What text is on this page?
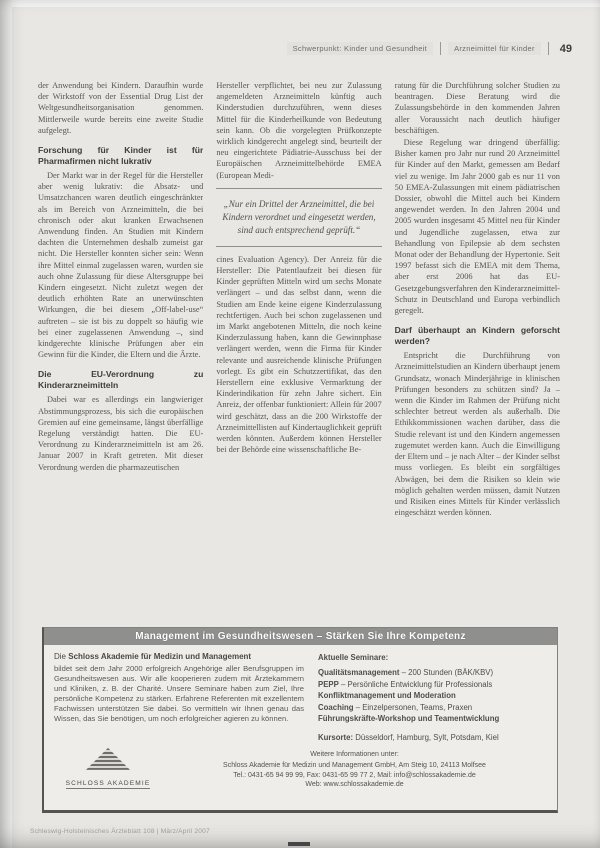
Schwerpunkt: Kinder und Gesundheit	Arzneimittel für Kinder	49

der Anwendung bei Kindern. Daraufhin wurde der Wirkstoff von der Essential Drug List der Weltgesundheitsorganisation genommen. Mittlerweile wurde bereits eine zweite Studie aufgelegt.

Forschung für Kinder ist für Pharmafirmen nicht lukrativ

Der Markt war in der Regel für die Hersteller aber wenig lukrativ: die Absatz- und Umsatzchancen waren deutlich eingeschränkter als im Bereich von Arzneimitteln, die bei chronisch oder akut kranken Erwachsenen Anwendung finden. An Studien mit Kindern dachten die Unternehmen deshalb zumeist gar nicht. Die Hersteller konnten sicher sein: Wenn ihre Mittel einmal zugelassen waren, wurden sie auch ohne Zulassung für diese Altersgruppe bei Kindern eingesetzt. Nicht zuletzt wegen der deutlich erhöhten Rate an unerwünschten Wirkungen, die bei diesem „Off-label-use“ auftreten – sie ist bis zu doppelt so häufig wie bei einer zugelassenen Anwendung –, sind kindgerechte klinische Prüfungen aber ein Gewinn für die Kinder, die Eltern und die Ärzte.

Die EU-Verordnung zu Kinderarzneimitteln

Dabei war es allerdings ein langwieriger Abstimmungsprozess, bis sich die europäischen Gremien auf eine gemeinsame, längst überfällige Regelung verständigt hatten. Die EU-Verordnung zu Kinderarzneimitteln ist am 26. Januar 2007 in Kraft getreten. Mit dieser Verordnung werden die pharmazeutischen

Hersteller verpflichtet, bei neu zur Zulassung angemeldeten Arzneimitteln künftig auch Kinderstudien durchzuführen, wenn dieses Mittel für die Kinderheilkunde von Bedeutung sein kann. Ob die vorgelegten Prüfkonzepte wirklich kindgerecht angelegt sind, beurteilt der neu eingerichtete Pädiatrie-Ausschuss bei der Europäischen Arzneimittelbehörde EMEA (European Medi-

„Nur ein Drittel der Arzneimittel, die bei Kindern verordnet und eingesetzt werden, sind auch entsprechend geprüft.“

cines Evaluation Agency). Der Anreiz für die Hersteller: Die Patentlaufzeit bei diesen für Kinder geprüften Mitteln wird um sechs Monate verlängert – und das selbst dann, wenn die Studien am Ende keine eigene Kinderzulassung rechtfertigen. Auch bei schon zugelassenen und im Markt angebotenen Mitteln, die noch keine Kinderzulassung haben, kann die Gewinnphase verlängert werden, wenn die Firma für Kinder relevante und ausreichende klinische Prüfungen vorlegt. Es gibt ein Schutzzertifikat, das den Herstellern eine exklusive Vermarktung der Kinderindikation für zehn Jahre sichert. Ein Anreiz, der offenbar funktioniert: Allein für 2007 wird geschätzt, dass an die 200 Wirkstoffe der Arzneimittellisten auf Kindertauglichkeit geprüft werden könnten. Außerdem können Hersteller bei der Behörde eine wissenschaftliche Be-

ratung für die Durchführung solcher Studien zu beantragen. Diese Beratung wird die Zulassungsbehörde in den kommenden Jahren aller Voraussicht nach deutlich häufiger beschäftigen.

Diese Regelung war dringend überfällig: Bisher kamen pro Jahr nur rund 20 Arzneimittel für Kinder auf den Markt, gemessen am Bedarf viel zu wenige. Im Jahr 2000 gab es nur 11 von 50 EMEA-Zulassungen mit einem pädiatrischen Dossier, obwohl die Mittel auch bei Kindern angewendet werden. In den Jahren 2004 und 2005 wurden insgesamt 45 Mittel neu für Kinder und Jugendliche zugelassen, etwa zur Behandlung von Epilepsie ab dem sechsten Monat oder der Behandlung der Hypertonie. Seit 1997 befasst sich die EMEA mit dem Thema, aber erst 2006 hat das EU-Gesetzgebungsverfahren den Kinderarzneimittel-Schutz in Deutschland und Europa verbindlich geregelt.

Darf überhaupt an Kindern geforscht werden?

Entspricht die Durchführung von Arzneimittelstudien an Kindern überhaupt jenem Grundsatz, wonach Minderjährige in klinischen Prüfungen besonders zu schützen sind? Ja – wenn die Kinder im Rahmen der Prüfung nicht schlechter betreut werden als außerhalb. Die Ethikkommissionen wachen darüber, dass die Studie relevant ist und den Kindern angemessen zugemutet werden kann. Auch die Einwilligung der Eltern und – je nach Alter – der Kinder selbst muss vorliegen. Es bleibt ein sorgfältiges Abwägen, bei dem die Risiken so klein wie möglich gehalten werden müssen, damit Nutzen und Risiken eines Mittels für Kinder verlässlich eingeschätzt werden können.

Management im Gesundheitswesen – Stärken Sie Ihre Kompetenz
Die Schloss Akademie für Medizin und Management

bildet seit dem Jahr 2000 erfolgreich Angehörige aller Berufsgruppen im Gesundheitswesen aus. Wir alle kooperieren zudem mit Ärztekammern und Kliniken, z. B. der Charité. Unsere Seminare haben zum Ziel, Ihre persönliche Kompetenz zu stärken. Erfahrene Referenten mit exzellentem Fachwissen unterstützen Sie dabei. So vermitteln wir Ihnen genau das Wissen, das Sie benötigen, um noch erfolgreicher agieren zu können.

Aktuelle Seminare:
Qualitätsmanagement – 200 Stunden (BÄK/KBV)
PEPP – Persönliche Entwicklung für Professionals
Konfliktmanagement und Moderation
Coaching – Einzelpersonen, Teams, Praxen
Führungskräfte-Workshop und Teamentwicklung
Kursorte: Düsseldorf, Hamburg, Sylt, Potsdam, Kiel
SCHLOSS AKADEMIE
Weitere Informationen unter:
Schloss Akademie für Medizin und Management GmbH, Am Steig 10, 24113 Molfsee
Tel.: 0431-65 94 99 99, Fax: 0431-65 99 77 2, Mail: info@schlossakademie.de
Web: www.schlossakademie.de
Schleswig-Holsteinisches Ärzteblatt 108 | März/April 2007
